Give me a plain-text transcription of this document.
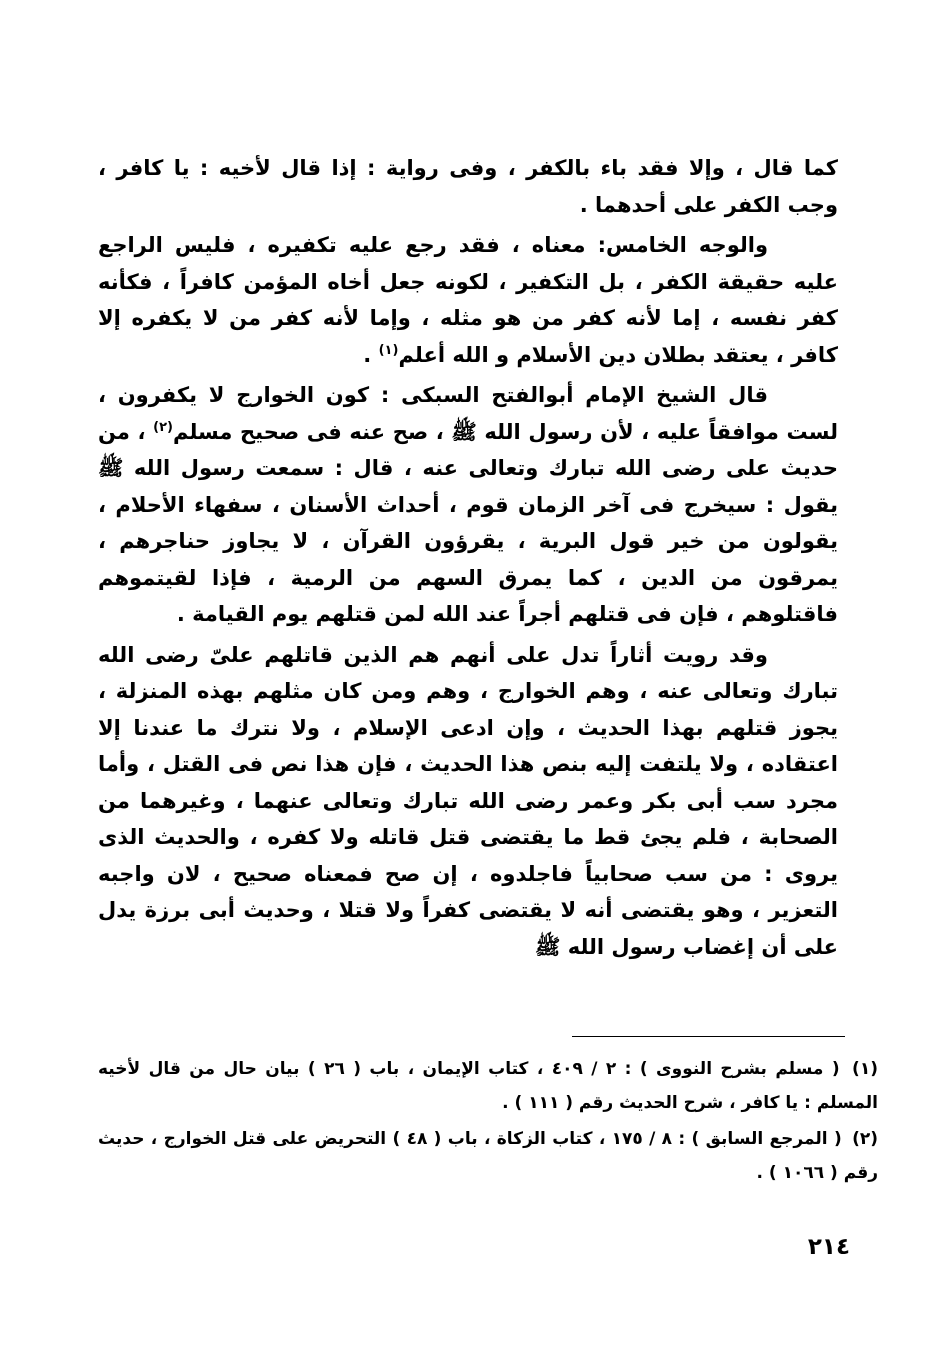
كما قال ، وإلا فقد باء بالكفر ، وفى رواية : إذا قال لأخيه : يا كافر ، وجب الكفر على أحدهما .

والوجه الخامس: معناه ، فقد رجع عليه تكفيره ، فليس الراجع عليه حقيقة الكفر ، بل التكفير ، لكونه جعل أخاه المؤمن كافراً ، فكأنه كفر نفسه ، إما لأنه كفر من هو مثله ، وإما لأنه كفر من لا يكفره إلا كافر ، يعتقد بطلان دين الأسلام و الله أعلم$^{(١)}$ .

قال الشيخ الإمام أبوالفتح السبكى : كون الخوارج لا يكفرون ، لست موافقاً عليه ، لأن رسول الله ﷺ ، صح عنه فى صحيح مسلم$^{(٢)}$ ، من حديث على رضى الله تبارك وتعالى عنه ، قال : سمعت رسول الله ﷺ يقول : سيخرج فى آخر الزمان قوم ، أحداث الأسنان ، سفهاء الأحلام ، يقولون من خير قول البرية ، يقرؤون القرآن ، لا يجاوز حناجرهم ، يمرقون من الدين ، كما يمرق السهم من الرمية ، فإذا لقيتموهم فاقتلوهم ، فإن فى قتلهم أجراً عند الله لمن قتلهم يوم القيامة .

وقد رويت أثاراً تدل على أنهم هم الذين قاتلهم علىّ رضى الله تبارك وتعالى عنه ، وهم الخوارج ، وهم ومن كان مثلهم بهذه المنزلة ، يجوز قتلهم بهذا الحديث ، وإن ادعى الإسلام ، ولا نترك ما عندنا إلا اعتقاده ، ولا يلتفت إليه بنص هذا الحديث ، فإن هذا نص فى القتل ، وأما مجرد سب أبى بكر وعمر رضى الله تبارك وتعالى عنهما ، وغيرهما من الصحابة ، فلم يجئ قط ما يقتضى قتل قاتله ولا كفره ، والحديث الذى يروى : من سب صحابياً فاجلدوه ، إن صح فمعناه صحيح ، لان واجبه التعزير ، وهو يقتضى أنه لا يقتضى كفراً ولا قتلا ، وحديث أبى برزة يدل على أن إغضاب رسول الله ﷺ

(١) ( مسلم بشرح النووى ) : ٢ / ٤٠٩ ، كتاب الإيمان ، باب ( ٢٦ ) بيان حال من قال لأخيه المسلم : يا كافر ، شرح الحديث رقم ( ١١١ ) .

(٢) ( المرجع السابق ) : ٨ / ١٧٥ ، كتاب الزكاة ، باب ( ٤٨ ) التحريض على قتل الخوارج ، حديث رقم ( ١٠٦٦ ) .

٢١٤
